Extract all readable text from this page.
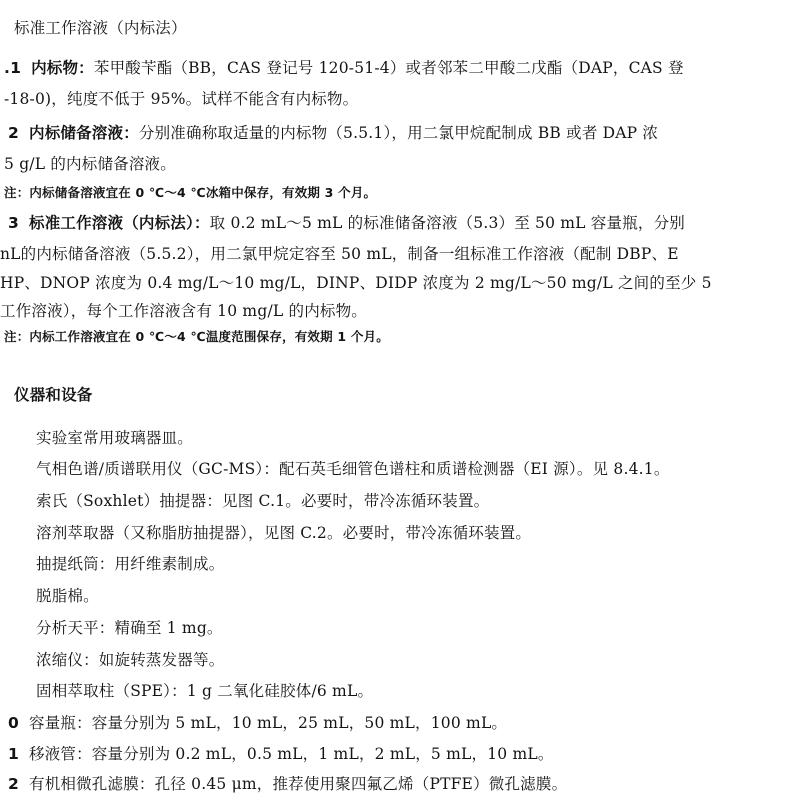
标准工作溶液（内标法）
.1 内标物：苯甲酸苄酯（BB，CAS 登记号 120-51-4）或者邻苯二甲酸二戊酯（DAP，CAS 登
-18-0)，纯度不低于 95%。试样不能含有内标物。
2 内标储备溶液：分别准确称取适量的内标物（5.5.1），用二氯甲烷配制成 BB 或者 DAP 浓
5 g/L 的内标储备溶液。
注：内标储备溶液宜在 0 ℃～4 ℃冰箱中保存，有效期 3 个月。
3 标准工作溶液（内标法）：取 0.2 mL～5 mL 的标准储备溶液（5.3）至 50 mL 容量瓶，分别
nL的内标储备溶液（5.5.2），用二氯甲烷定容至 50 mL，制备一组标准工作溶液（配制 DBP、E
HP、DNOP 浓度为 0.4 mg/L～10 mg/L，DINP、DIDP 浓度为 2 mg/L～50 mg/L 之间的至少 5
工作溶液），每个工作溶液含有 10 mg/L 的内标物。
注：内标工作溶液宜在 0 ℃～4 ℃温度范围保存，有效期 1 个月。
仪器和设备
实验室常用玻璃器皿。
气相色谱/质谱联用仪（GC-MS）：配石英毛细管色谱柱和质谱检测器（EI 源）。见 8.4.1。
索氏（Soxhlet）抽提器：见图 C.1。必要时，带冷冻循环装置。
溶剂萃取器（又称脂肪抽提器），见图 C.2。必要时，带冷冻循环装置。
抽提纸筒：用纤维素制成。
脱脂棉。
分析天平：精确至 1 mg。
浓缩仪：如旋转蒸发器等。
固相萃取柱（SPE）：1 g 二氧化硅胶体/6 mL。
0 容量瓶：容量分别为 5 mL，10 mL，25 mL，50 mL，100 mL。
1 移液管：容量分别为 0.2 mL，0.5 mL，1 mL，2 mL，5 mL，10 mL。
2 有机相微孔滤膜：孔径 0.45 μm，推荐使用聚四氟乙烯（PTFE）微孔滤膜。
